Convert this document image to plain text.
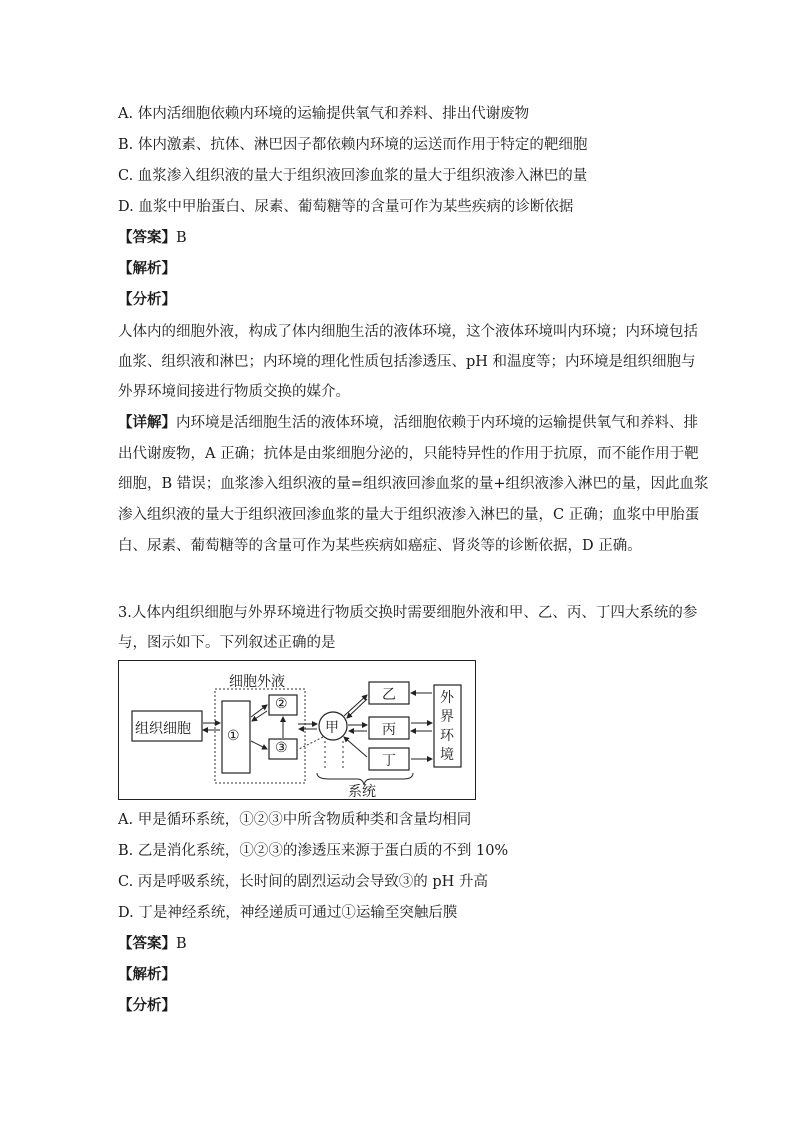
A. 体内活细胞依赖内环境的运输提供氧气和养料、排出代谢废物
B. 体内激素、抗体、淋巴因子都依赖内环境的运送而作用于特定的靶细胞
C. 血浆渗入组织液的量大于组织液回渗血浆的量大于组织液渗入淋巴的量
D. 血浆中甲胎蛋白、尿素、葡萄糖等的含量可作为某些疾病的诊断依据
【答案】B
【解析】
【分析】
人体内的细胞外液，构成了体内细胞生活的液体环境，这个液体环境叫内环境；内环境包括
血浆、组织液和淋巴；内环境的理化性质包括渗透压、pH 和温度等；内环境是组织细胞与
外界环境间接进行物质交换的媒介。
【详解】内环境是活细胞生活的液体环境，活细胞依赖于内环境的运输提供氧气和养料、排
出代谢废物，A 正确；抗体是由浆细胞分泌的，只能特异性的作用于抗原，而不能作用于靶
细胞，B 错误；血浆渗入组织液的量=组织液回渗血浆的量+组织液渗入淋巴的量，因此血浆
渗入组织液的量大于组织液回渗血浆的量大于组织液渗入淋巴的量，C 正确；血浆中甲胎蛋
白、尿素、葡萄糖等的含量可作为某些疾病如癌症、肾炎等的诊断依据，D 正确。
3.人体内组织细胞与外界环境进行物质交换时需要细胞外液和甲、乙、丙、丁四大系统的参
与，图示如下。下列叙述正确的是
组织细胞
细胞外液
①
②
③
甲
乙
丙
丁
外
界
环
境
系统
A. 甲是循环系统，①②③中所含物质种类和含量均相同
B. 乙是消化系统，①②③的渗透压来源于蛋白质的不到 10%
C. 丙是呼吸系统，长时间的剧烈运动会导致③的 pH 升高
D. 丁是神经系统，神经递质可通过①运输至突触后膜
【答案】B
【解析】
【分析】
